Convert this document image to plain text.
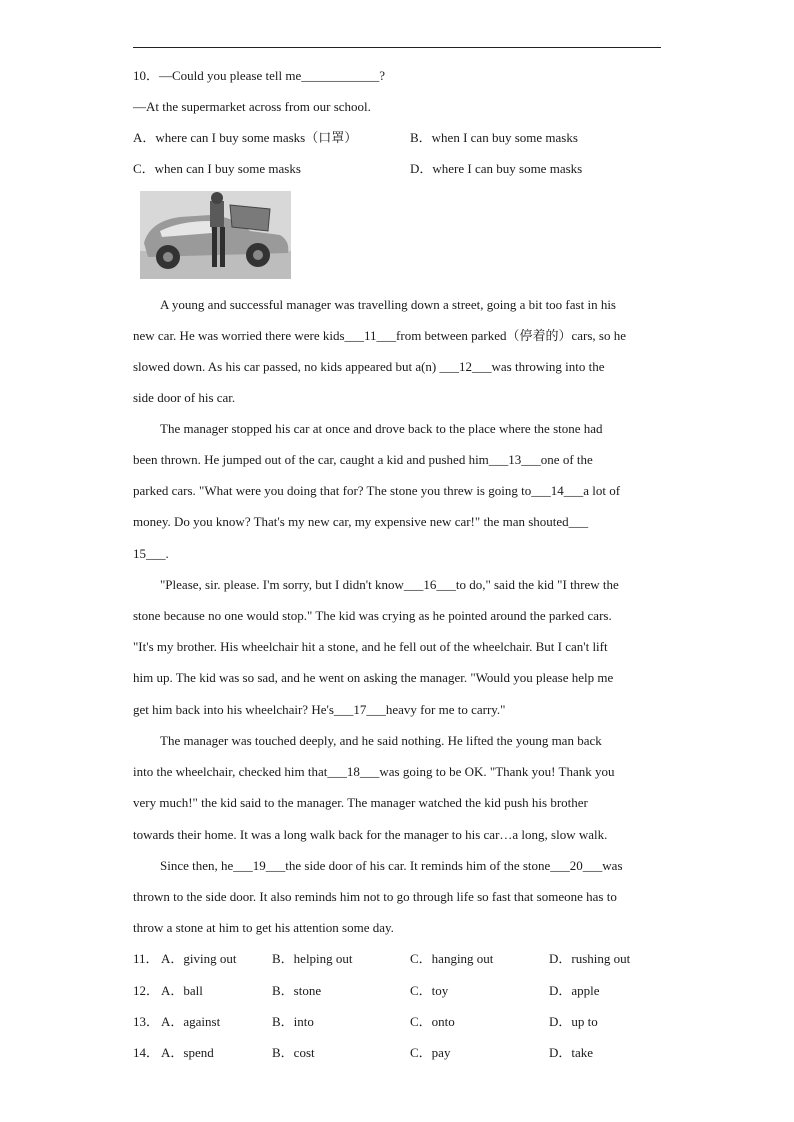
10．—Could you please tell me____________?
—At the supermarket across from our school.
A．where can I buy some masks（口罩）	B．when I can buy some masks
C．when can I buy some masks	D．where I can buy some masks
A young and successful manager was travelling down a street, going a bit too fast in his
new car. He was worried there were kids___11___from between parked（停着的）cars, so he
slowed down. As his car passed, no kids appeared but a(n) ___12___was throwing into the
side door of his car.
The manager stopped his car at once and drove back to the place where the stone had
been thrown. He jumped out of the car, caught a kid and pushed him___13___one of the
parked cars. "What were you doing that for? The stone you threw is going to___14___a lot of
money. Do you know? That's my new car, my expensive new car!" the man shouted___
15___.
"Please, sir. please. I'm sorry, but I didn't know___16___to do," said the kid "I threw the
stone because no one would stop." The kid was crying as he pointed around the parked cars.
"It's my brother. His wheelchair hit a stone, and he fell out of the wheelchair. But I can't lift
him up. The kid was so sad, and he went on asking the manager. "Would you please help me
get him back into his wheelchair? He's___17___heavy for me to carry."
The manager was touched deeply, and he said nothing. He lifted the young man back
into the wheelchair, checked him that___18___was going to be OK. "Thank you! Thank you
very much!" the kid said to the manager. The manager watched the kid push his brother
towards their home. It was a long walk back for the manager to his car…a long, slow walk.
Since then, he___19___the side door of his car. It reminds him of the stone___20___was
thrown to the side door. It also reminds him not to go through life so fast that someone has to
throw a stone at him to get his attention some day.
11． A．giving out	B．helping out	C．hanging out	D．rushing out
12． A．ball	B．stone	C．toy	D．apple
13． A．against	B．into	C．onto	D．up to
14． A．spend	B．cost	C．pay	D．take
